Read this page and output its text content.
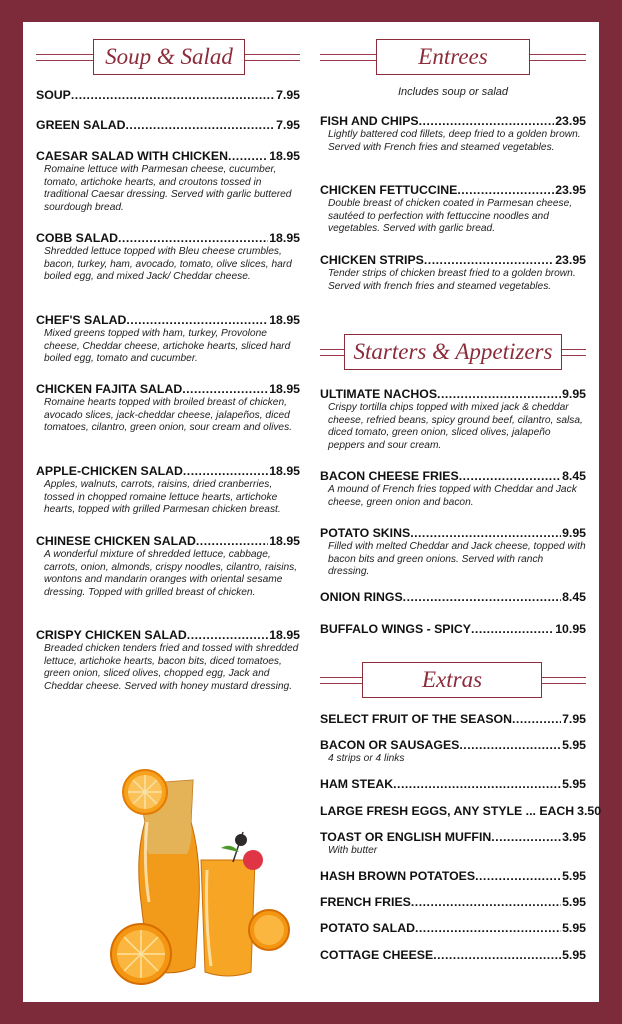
Soup & Salad
SOUP .....	7.95
GREEN SALAD .....	7.95
CAESAR SALAD WITH CHICKEN .....	18.95
Romaine lettuce with Parmesan cheese, cucumber, tomato, artichoke hearts, and croutons tossed in traditional Caesar dressing. Served with garlic buttered sourdough bread.
COBB SALAD .....	18.95
Shredded lettuce topped with Bleu cheese crumbles, bacon, turkey, ham, avocado, tomato, olive slices, hard boiled egg, and mixed Jack/ Cheddar cheese.
CHEF'S SALAD .....	18.95
Mixed greens topped with ham, turkey, Provolone cheese, Cheddar cheese, artichoke hearts, sliced hard boiled egg, tomato and cucumber.
CHICKEN FAJITA SALAD .....	18.95
Romaine hearts topped with broiled breast of chicken, avocado slices, jack-cheddar cheese, jalapeños, diced tomatoes, cilantro, green onion, sour cream and olives.
APPLE-CHICKEN SALAD .....	18.95
Apples, walnuts, carrots, raisins, dried cranberries, tossed in chopped romaine lettuce hearts, artichoke hearts, topped with grilled Parmesan chicken breast.
CHINESE CHICKEN SALAD .....	18.95
A wonderful mixture of shredded lettuce, cabbage, carrots, onion, almonds, crispy noodles, cilantro, raisins, wontons and mandarin oranges with oriental sesame dressing. Topped with grilled breast of chicken.
CRISPY CHICKEN SALAD .....	18.95
Breaded chicken tenders fried and tossed with shredded lettuce, artichoke hearts, bacon bits, diced tomatoes, green onion, sliced olives, chopped egg, Jack and Cheddar cheese. Served with honey mustard dressing.
Entrees
Includes soup or salad
FISH AND CHIPS .....	23.95
Lightly battered cod fillets, deep fried to a golden brown. Served with French fries and steamed vegetables.
CHICKEN FETTUCCINE .....	23.95
Double breast of chicken coated in Parmesan cheese, sautéed to perfection with fettuccine noodles and vegetables. Served with garlic bread.
CHICKEN STRIPS .....	23.95
Tender strips of chicken breast fried to a golden brown. Served with french fries and steamed vegetables.
Starters & Appetizers
ULTIMATE NACHOS .....	9.95
Crispy tortilla chips topped with mixed jack & cheddar cheese, refried beans, spicy ground beef, cilantro, salsa, diced tomato, green onion, sliced olives, jalapeño peppers and sour cream.
BACON CHEESE FRIES .....	8.45
A mound of French fries topped with Cheddar and Jack cheese, green onion and bacon.
POTATO SKINS .....	9.95
Filled with melted Cheddar and Jack cheese, topped with bacon bits and green onions. Served with ranch dressing.
ONION RINGS .....	8.45
BUFFALO WINGS - SPICY .....	10.95
Extras
SELECT FRUIT OF THE SEASON .....	7.95
BACON OR SAUSAGES .....	5.95
4 strips or 4 links
HAM STEAK .....	5.95
LARGE FRESH EGGS, ANY STYLE ... EACH 3.50
TOAST OR ENGLISH MUFFIN .....	3.95
With butter
HASH BROWN POTATOES .....	5.95
FRENCH FRIES .....	5.95
POTATO SALAD .....	5.95
COTTAGE CHEESE .....	5.95
